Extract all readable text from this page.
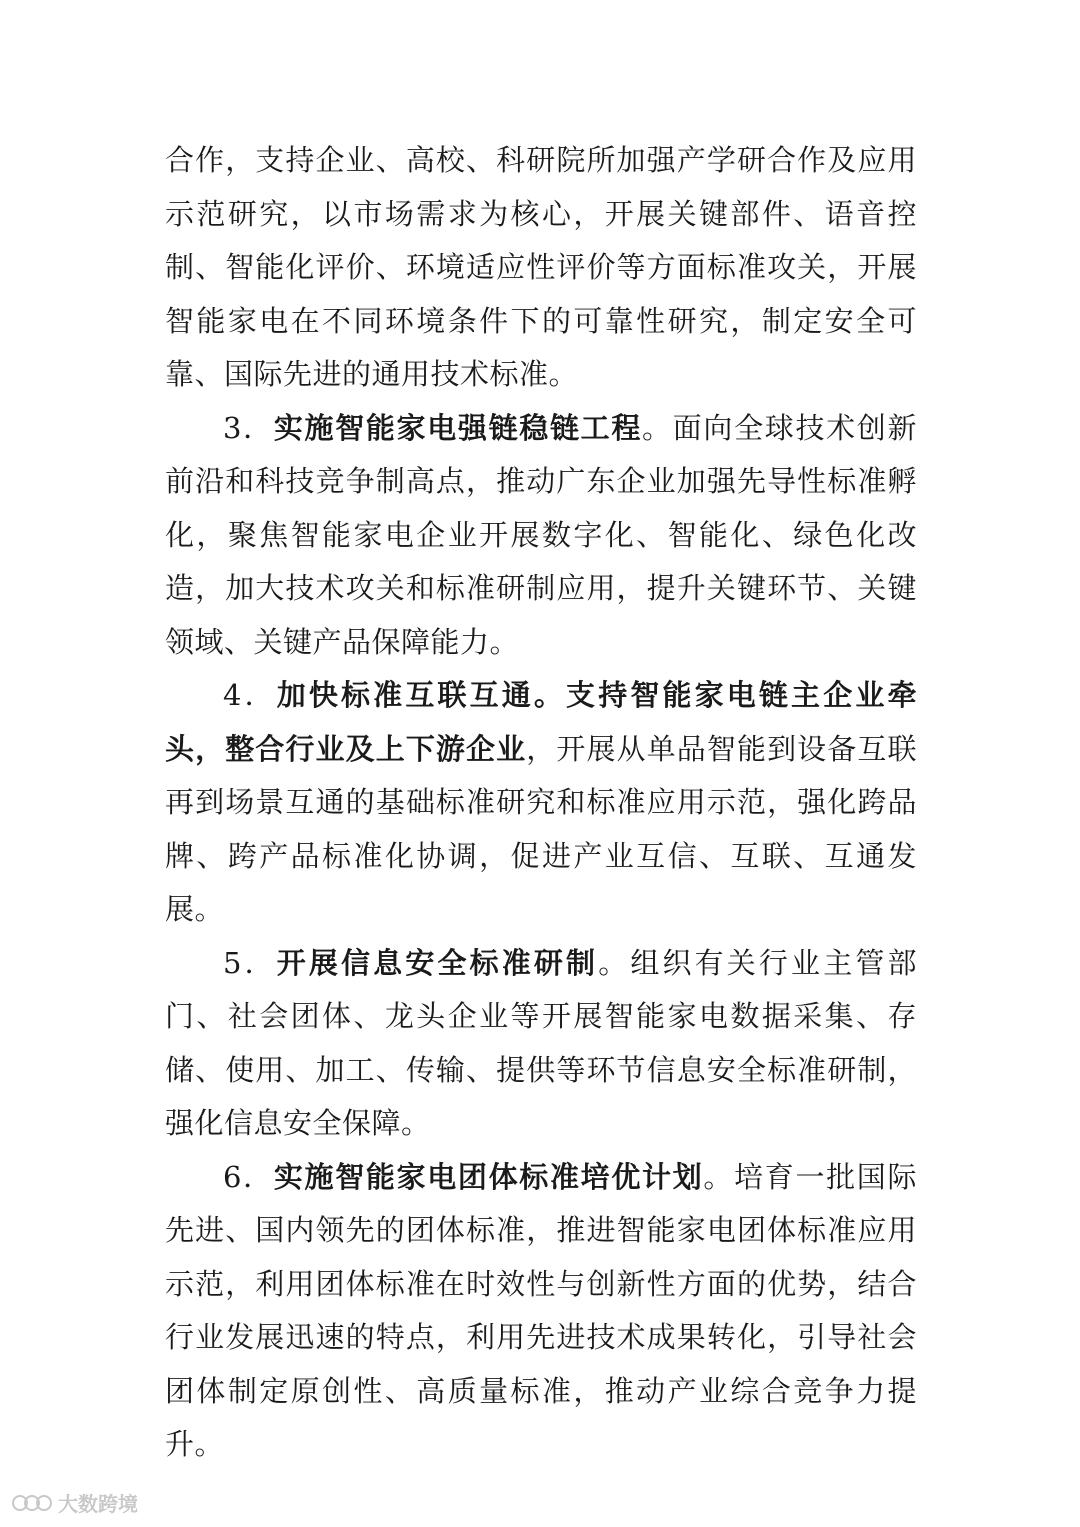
合作，支持企业、高校、科研院所加强产学研合作及应用示范研究，以市场需求为核心，开展关键部件、语音控制、智能化评价、环境适应性评价等方面标准攻关，开展智能家电在不同环境条件下的可靠性研究，制定安全可靠、国际先进的通用技术标准。

3．实施智能家电强链稳链工程。面向全球技术创新前沿和科技竞争制高点，推动广东企业加强先导性标准孵化，聚焦智能家电企业开展数字化、智能化、绿色化改造，加大技术攻关和标准研制应用，提升关键环节、关键领域、关键产品保障能力。

4．加快标准互联互通。支持智能家电链主企业牵头，整合行业及上下游企业，开展从单品智能到设备互联再到场景互通的基础标准研究和标准应用示范，强化跨品牌、跨产品标准化协调，促进产业互信、互联、互通发展。

5．开展信息安全标准研制。组织有关行业主管部门、社会团体、龙头企业等开展智能家电数据采集、存储、使用、加工、传输、提供等环节信息安全标准研制，强化信息安全保障。

6．实施智能家电团体标准培优计划。培育一批国际先进、国内领先的团体标准，推进智能家电团体标准应用示范，利用团体标准在时效性与创新性方面的优势，结合行业发展迅速的特点，利用先进技术成果转化，引导社会团体制定原创性、高质量标准，推动产业综合竞争力提升。

大数跨境
